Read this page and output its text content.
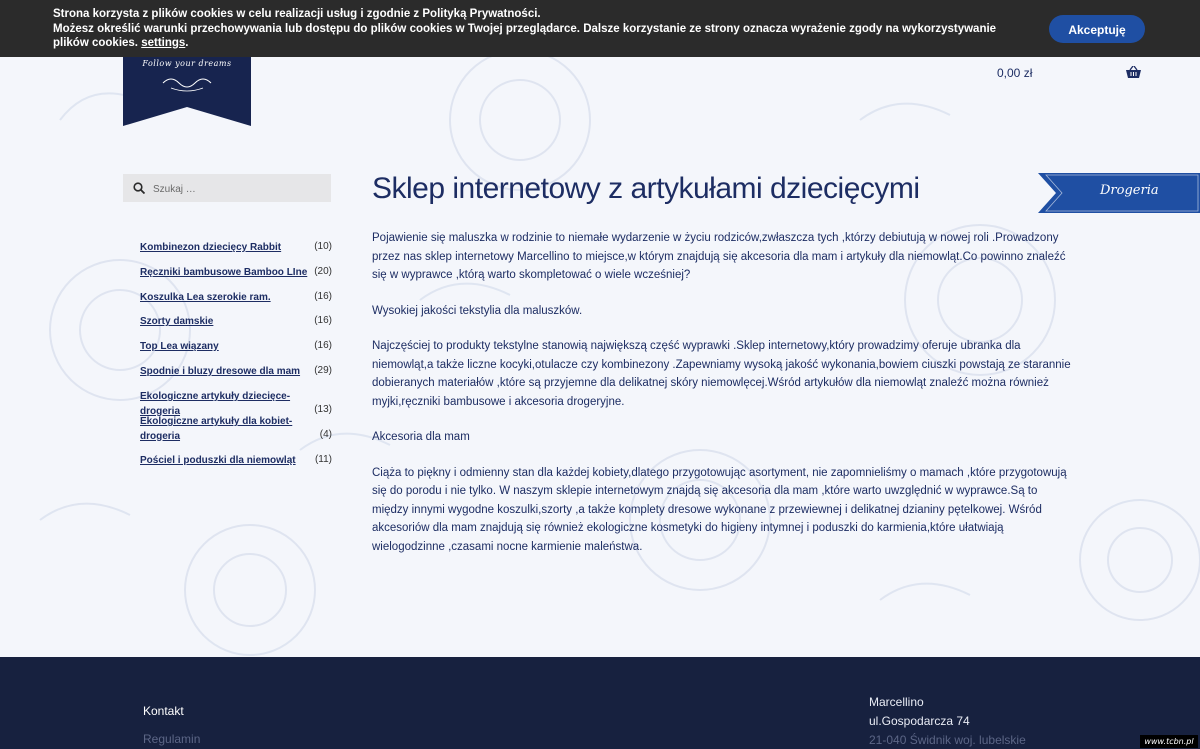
Strona korzysta z plików cookies w celu realizacji usług i zgodnie z Polityką Prywatności.
Możesz określić warunki przechowywania lub dostępu do plików cookies w Twojej przeglądarce. Dalsze korzystanie ze strony oznacza wyrażenie zgody na wykorzystywanie plików cookies. settings.
Akceptuję
Follow your dreams
0,00 zł
Szukaj …
Kombinezon dziecięcy Rabbit	(10)
Ręczniki bambusowe Bamboo LIne (20)
Koszulka Lea szerokie ram.	(16)
Szorty damskie	(16)
Top Lea wiązany	(16)
Spodnie i bluzy dresowe dla mam	(29)
Ekologiczne artykuły dziecięce-drogeria	(13)
Ekologiczne artykuły dla kobiet-drogeria	(4)
Pościel i poduszki dla niemowląt	(11)
Sklep internetowy z artykułami dziecięcymi	Drogeria

Pojawienie się maluszka w rodzinie to niemałe wydarzenie w życiu rodziców,zwłaszcza tych ,którzy debiutują w nowej roli .Prowadzony przez nas sklep internetowy Marcellino to miejsce,w którym znajdują się akcesoria dla mam i artykuły dla niemowląt.Co powinno znaleźć się w wyprawce ,którą warto skompletować o wiele wcześniej?

Wysokiej jakości tekstylia dla maluszków.

Najczęściej to produkty tekstylne stanowią największą część wyprawki .Sklep internetowy,który prowadzimy oferuje ubranka dla niemowląt,a także liczne kocyki,otulacze czy kombinezony .Zapewniamy wysoką jakość wykonania,bowiem ciuszki powstają ze starannie dobieranych materiałów ,które są przyjemne dla delikatnej skóry niemowlęcej.Wśród artykułów dla niemowląt znaleźć można również myjki,ręczniki bambusowe i akcesoria drogeryjne.

Akcesoria dla mam

Ciąża to piękny i odmienny stan dla każdej kobiety,dlatego przygotowując asortyment, nie zapomnieliśmy o mamach ,które przygotowują się do porodu i nie tylko. W naszym sklepie internetowym znajdą się akcesoria dla mam ,które warto uwzględnić w wyprawce.Są to między innymi wygodne koszulki,szorty ,a także komplety dresowe wykonane z przewiewnej i delikatnej dzianiny pętelkowej. Wśród akcesoriów dla mam znajdują się również ekologiczne kosmetyki do higieny intymnej i poduszki do karmienia,które ułatwiają wielogodzinne ,czasami nocne karmienie maleństwa.

Kontakt
Regulamin
Marcellino
ul.Gospodarcza 74
21-040 Świdnik woj. lubelskie	www.tcbn.pl
